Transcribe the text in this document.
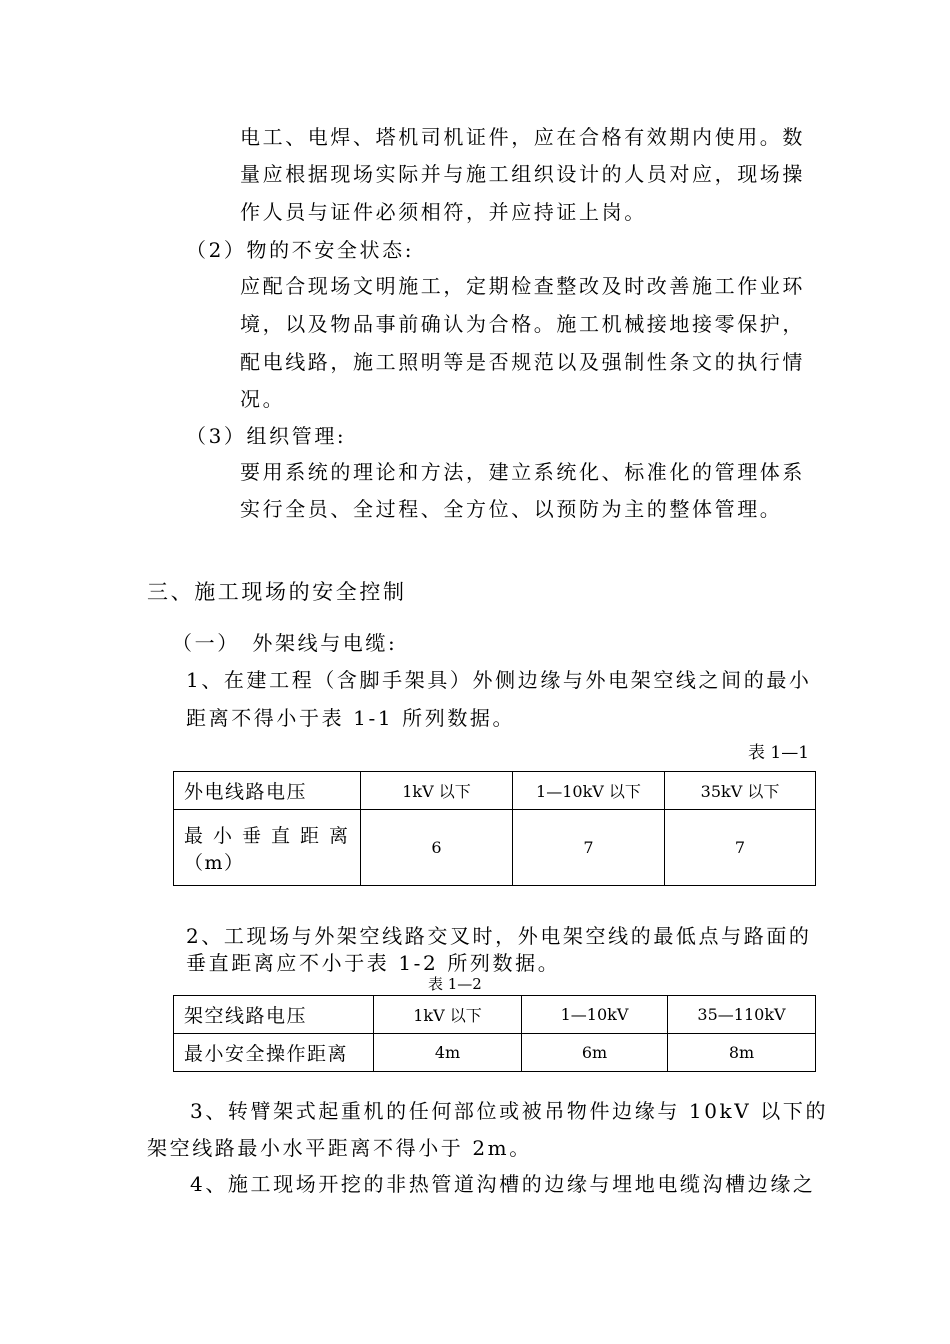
电工、电焊、塔机司机证件，应在合格有效期内使用。数
量应根据现场实际并与施工组织设计的人员对应，现场操
作人员与证件必须相符，并应持证上岗。
（2）物的不安全状态:
应配合现场文明施工，定期检查整改及时改善施工作业环
境，以及物品事前确认为合格。施工机械接地接零保护，
配电线路，施工照明等是否规范以及强制性条文的执行情
况。
（3）组织管理:
要用系统的理论和方法，建立系统化、标准化的管理体系
实行全员、全过程、全方位、以预防为主的整体管理。
三、施工现场的安全控制
（一）　外架线与电缆:
1、在建工程（含脚手架具）外侧边缘与外电架空线之间的最小
距离不得小于表 1-1 所列数据。
表 1—1
外电线路电压	1kV 以下	1—10kV 以下	35kV 以下

最小垂直距离
（m）	6	7	7
2、工现场与外架空线路交叉时，外电架空线的最低点与路面的
垂直距离应不小于表 1-2 所列数据。
表 1—2
架空线路电压	1kV 以下	1—10kV	35—110kV
最小安全操作距离	4m	6m	8m
3、转臂架式起重机的任何部位或被吊物件边缘与 10kV 以下的
架空线路最小水平距离不得小于 2m。
4、施工现场开挖的非热管道沟槽的边缘与埋地电缆沟槽边缘之
